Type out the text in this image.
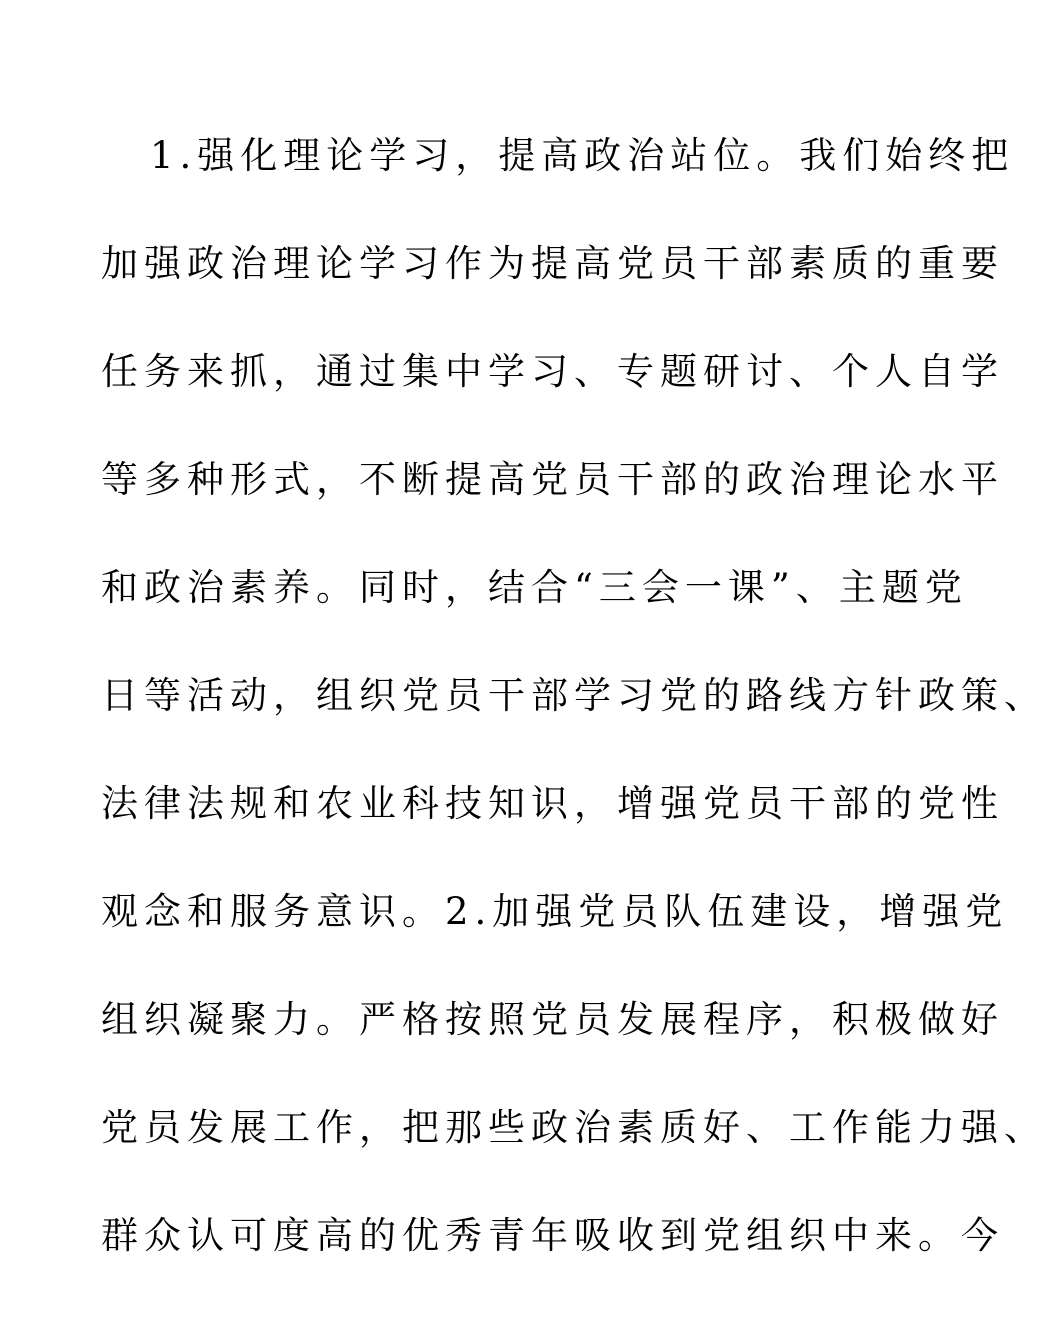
1.强化理论学习，提高政治站位。我们始终把
加强政治理论学习作为提高党员干部素质的重要
任务来抓，通过集中学习、专题研讨、个人自学
等多种形式，不断提高党员干部的政治理论水平
和政治素养。同时，结合“三会一课”、主题党
日等活动，组织党员干部学习党的路线方针政策、
法律法规和农业科技知识，增强党员干部的党性
观念和服务意识。2.加强党员队伍建设，增强党
组织凝聚力。严格按照党员发展程序，积极做好
党员发展工作，把那些政治素质好、工作能力强、
群众认可度高的优秀青年吸收到党组织中来。今
